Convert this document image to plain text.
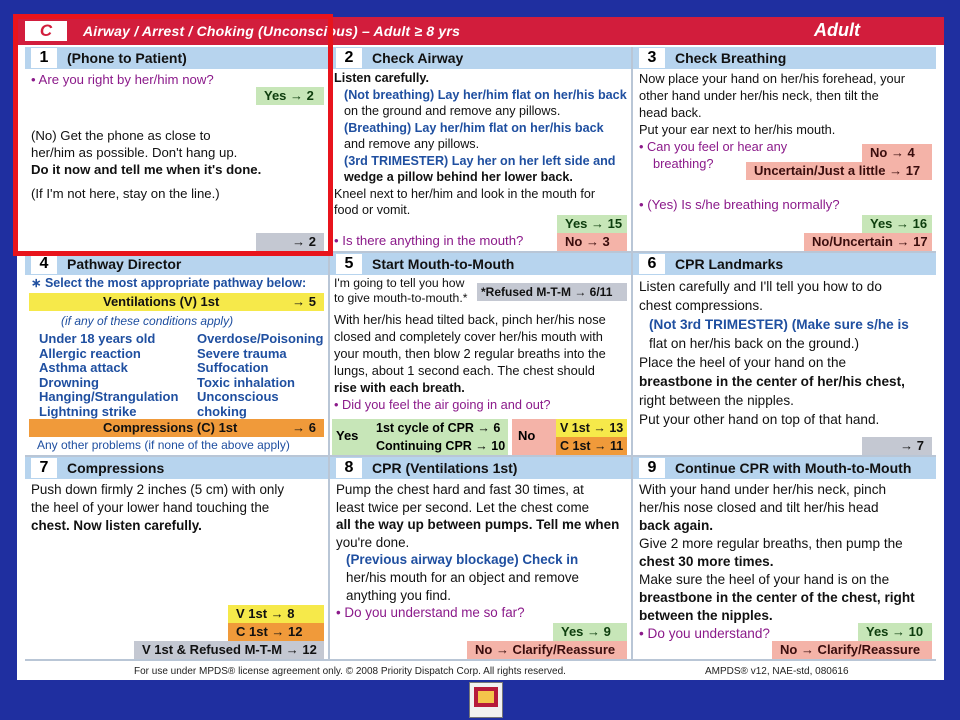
C	Airway / Arrest / Choking (Unconscious) – Adult ≥ 8 yrs	Adult
1	(Phone to Patient)
• Are you right by her/him now?
Yes → 2
(No) Get the phone as close to
her/him as possible. Don't hang up.
Do it now and tell me when it's done.
(If I'm not here, stay on the line.)
→ 2
2	Check Airway
Listen carefully.
(Not breathing) Lay her/him flat on her/his back
on the ground and remove any pillows.
(Breathing) Lay her/him flat on her/his back
and remove any pillows.
(3rd TRIMESTER) Lay her on her left side and
wedge a pillow behind her lower back.
Kneel next to her/him and look in the mouth for
food or vomit.
Yes → 15
• Is there anything in the mouth?	No → 3
3	Check Breathing
Now place your hand on her/his forehead, your
other hand under her/his neck, then tilt the
head back.
Put your ear next to her/his mouth.
• Can you feel or hear any
breathing?
No → 4
Uncertain/Just a little → 17
• (Yes) Is s/he breathing normally?
Yes → 16
No/Uncertain → 17
4	Pathway Director
∗ Select the most appropriate pathway below:
Ventilations (V) 1st	→ 5
(if any of these conditions apply)
Under 18 years old
Allergic reaction
Asthma attack
Drowning
Hanging/Strangulation
Lightning strike
Overdose/Poisoning
Severe trauma
Suffocation
Toxic inhalation
Unconscious choking
Compressions (C) 1st	→ 6
Any other problems (if none of the above apply)
5	Start Mouth-to-Mouth
I'm going to tell you how
to give mouth-to-mouth.*	*Refused M-T-M → 6/11
With her/his head tilted back, pinch her/his nose
closed and completely cover her/his mouth with
your mouth, then blow 2 regular breaths into the
lungs, about 1 second each. The chest should
rise with each breath.
• Did you feel the air going in and out?
Yes	1st cycle of CPR → 6
Continuing CPR → 10
No	V 1st → 13
C 1st → 11
6	CPR Landmarks
Listen carefully and I'll tell you how to do
chest compressions.
(Not 3rd TRIMESTER) (Make sure s/he is
flat on her/his back on the ground.)
Place the heel of your hand on the
breastbone in the center of her/his chest,
right between the nipples.
Put your other hand on top of that hand.
→ 7
7	Compressions
Push down firmly 2 inches (5 cm) with only
the heel of your lower hand touching the
chest. Now listen carefully.
V 1st → 8
C 1st → 12
V 1st & Refused M-T-M → 12
8	CPR (Ventilations 1st)
Pump the chest hard and fast 30 times, at
least twice per second. Let the chest come
all the way up between pumps. Tell me when
you're done.
(Previous airway blockage) Check in
her/his mouth for an object and remove
anything you find.
• Do you understand me so far?
Yes → 9
No → Clarify/Reassure
9	Continue CPR with Mouth-to-Mouth
With your hand under her/his neck, pinch
her/his nose closed and tilt her/his head
back again.
Give 2 more regular breaths, then pump the
chest 30 more times.
Make sure the heel of your hand is on the
breastbone in the center of the chest, right
between the nipples.
• Do you understand?	Yes → 10
No → Clarify/Reassure
For use under MPDS® license agreement only. © 2008 Priority Dispatch Corp. All rights reserved.	AMPDS® v12, NAE-std, 080616
